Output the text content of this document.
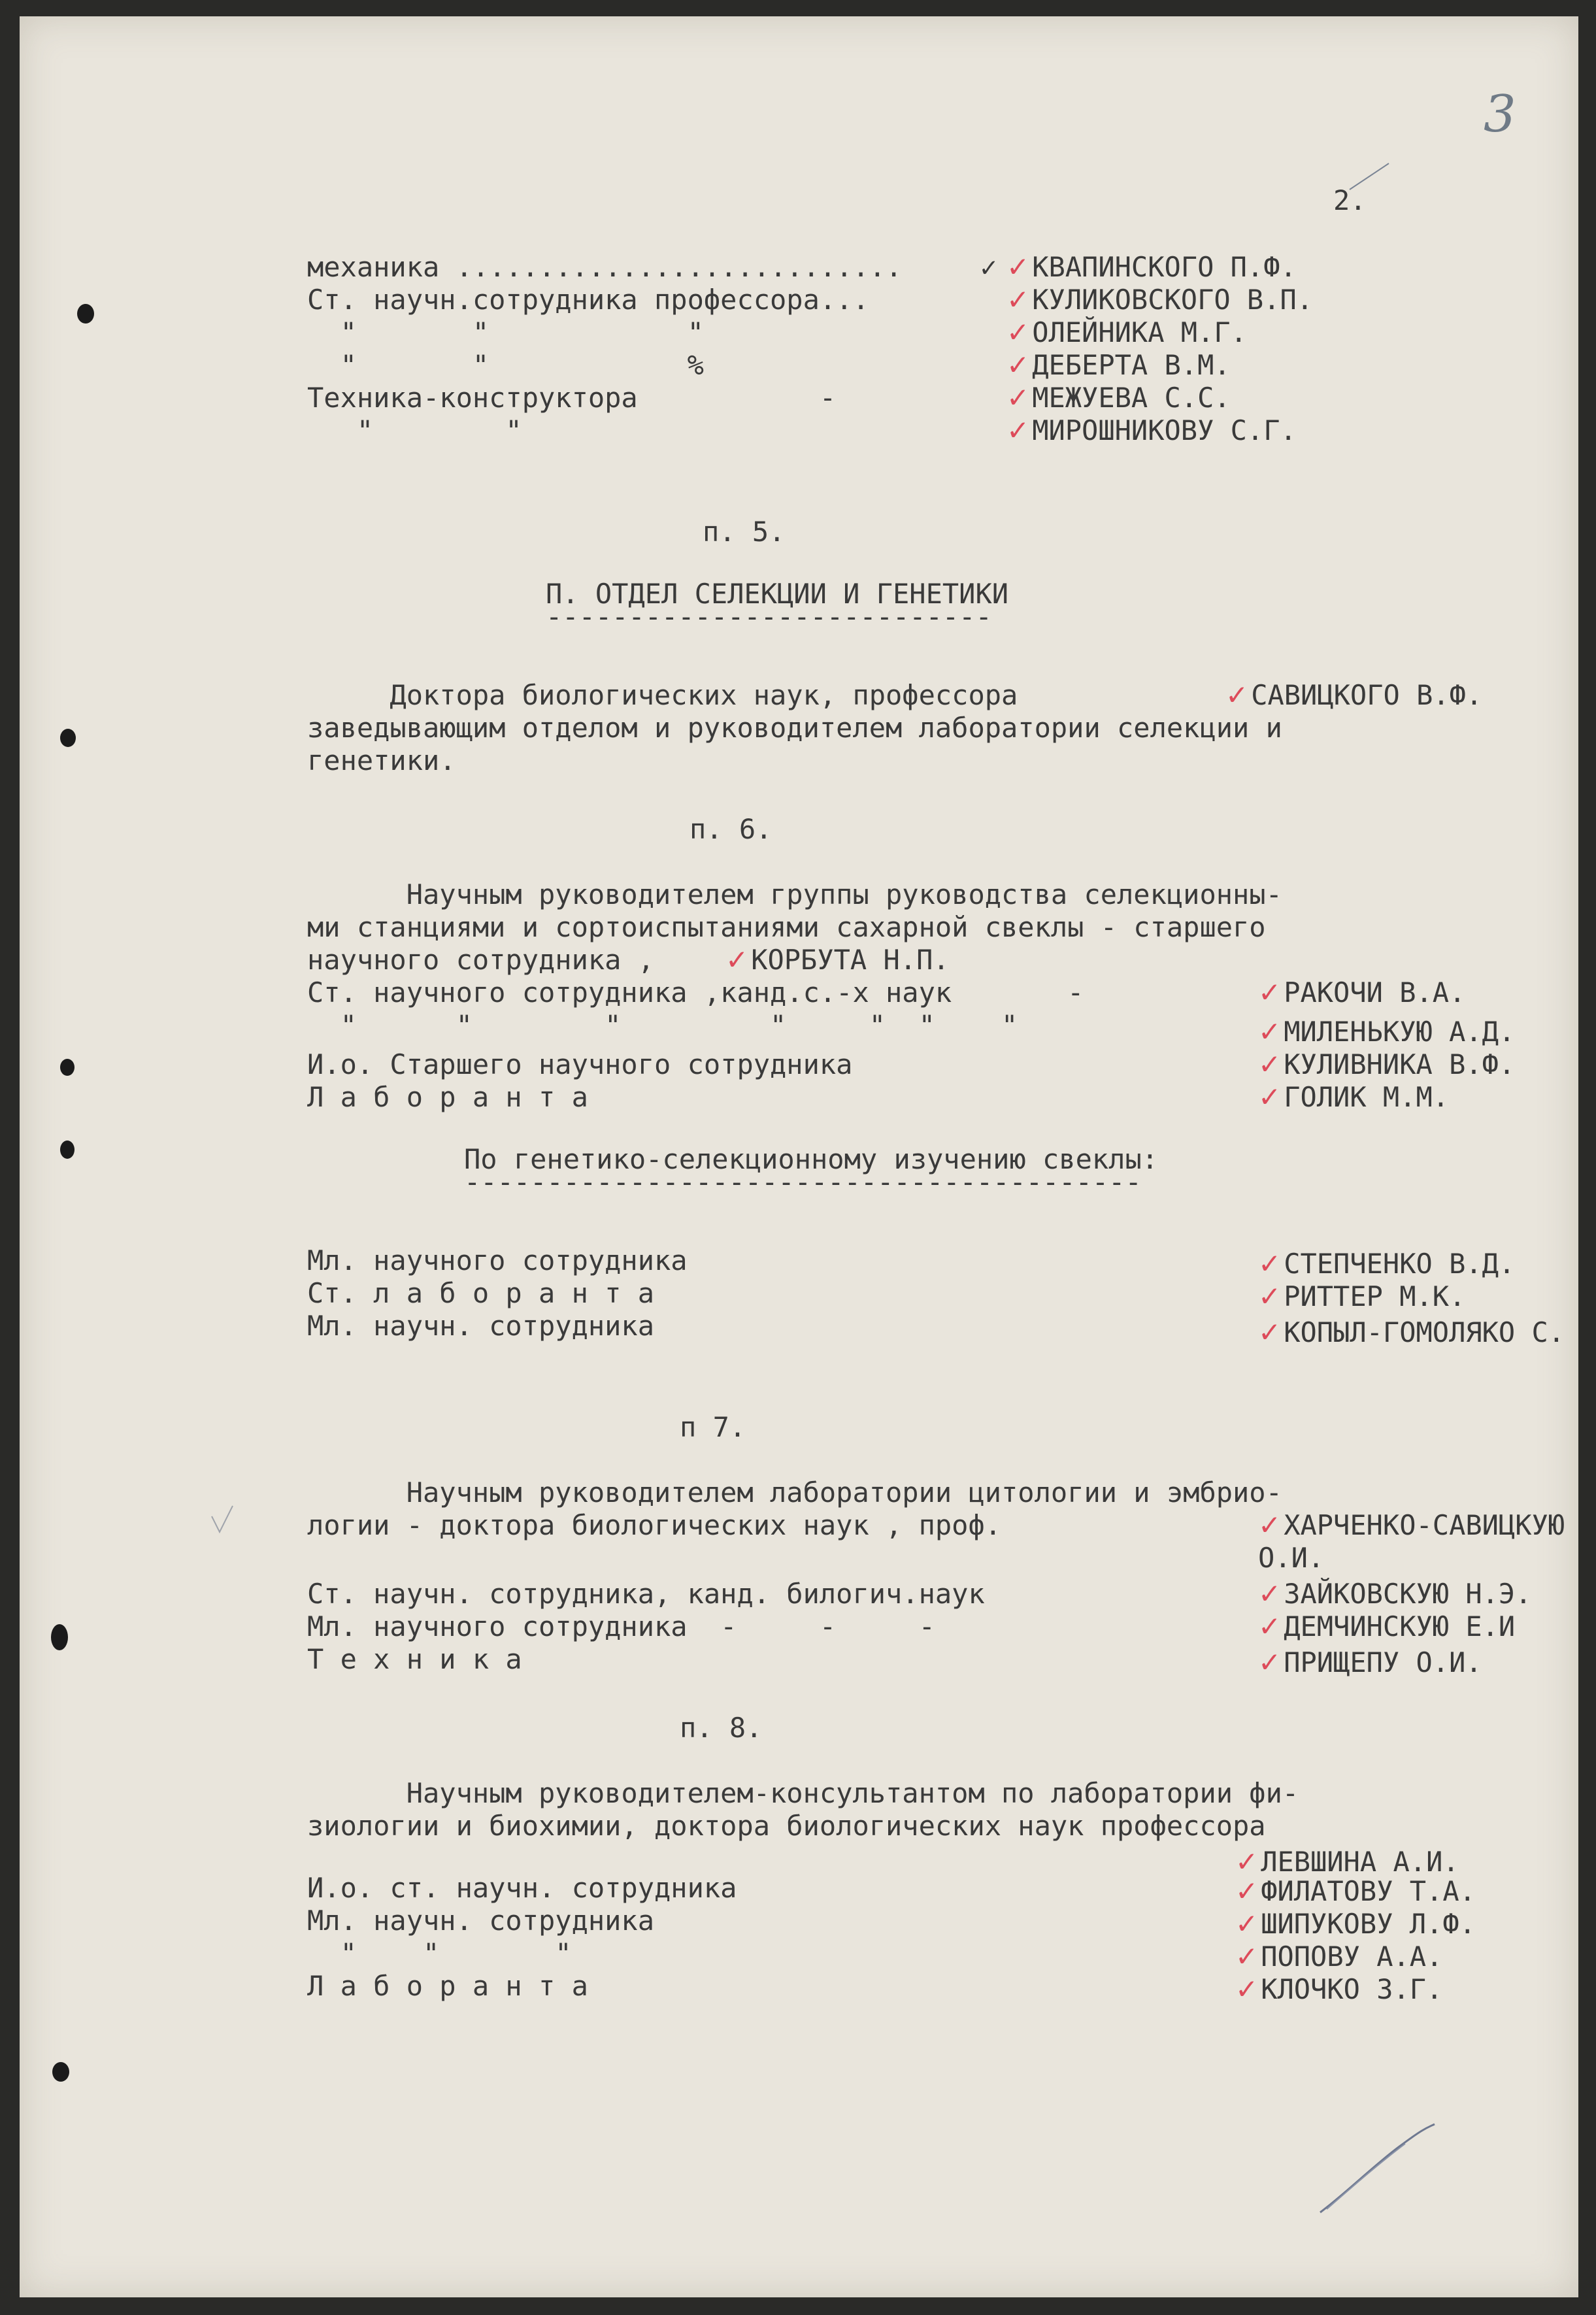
3
2.
механика ...........................	✓ ✓КВАПИНСКОГО П.Ф.
Ст. научн.сотрудника профессора...	✓КУЛИКОВСКОГО В.П.
"       "            "	✓ОЛЕЙНИКА М.Г.
"       "            %	✓ДЕБЕРТА В.М.
Техника-конструктора           -	✓МЕЖУЕВА С.С.
"        "	✓МИРОШНИКОВУ С.Г.
п. 5.
П. ОТДЕЛ СЕЛЕКЦИИ И ГЕНЕТИКИ
---------------------------
Доктора биологических наук, профессора	✓САВИЦКОГО В.Ф.
заведывающим отделом и руководителем лаборатории селекции и
генетики.
п. 6.
Научным руководителем группы руководства селекционны-
ми станциями и сортоиспытаниями сахарной свеклы - старшего
научного сотрудника ,	✓КОРБУТА Н.П.
Ст. научного сотрудника ,канд.с.-х наук       -	✓РАКОЧИ В.А.
"      "        "         "     "  "    "	✓МИЛЕНЬКУЮ А.Д.
И.о. Старшего научного сотрудника	✓КУЛИВНИКА В.Ф.
Л а б о р а н т а	✓ГОЛИК М.М.
По генетико-селекционному изучению свеклы:
-----------------------------------------
Мл. научного сотрудника	✓СТЕПЧЕНКО В.Д.
Ст. л а б о р а н т а	✓РИТТЕР М.К.
Мл. научн. сотрудника	✓КОПЫЛ-ГОМОЛЯКО С.
п 7.
Научным руководителем лаборатории цитологии и эмбрио-
логии - доктора биологических наук , проф.	✓ХАРЧЕНКО-САВИЦКУЮ
О.И.
Ст. научн. сотрудника, канд. билогич.наук	✓ЗАЙКОВСКУЮ Н.Э.
Мл. научного сотрудника  -     -     -	✓ДЕМЧИНСКУЮ Е.И
Т е х н и к а	✓ПРИЩЕПУ О.И.
п. 8.
Научным руководителем-консультантом по лаборатории фи-
зиологии и биохимии, доктора биологических наук профессора
✓ЛЕВШИНА А.И.
И.о. ст. научн. сотрудника	✓ФИЛАТОВУ Т.А.
Мл. научн. сотрудника	✓ШИПУКОВУ Л.Ф.
"    "       "	✓ПОПОВУ А.А.
Л а б о р а н т а	✓КЛОЧКО З.Г.
